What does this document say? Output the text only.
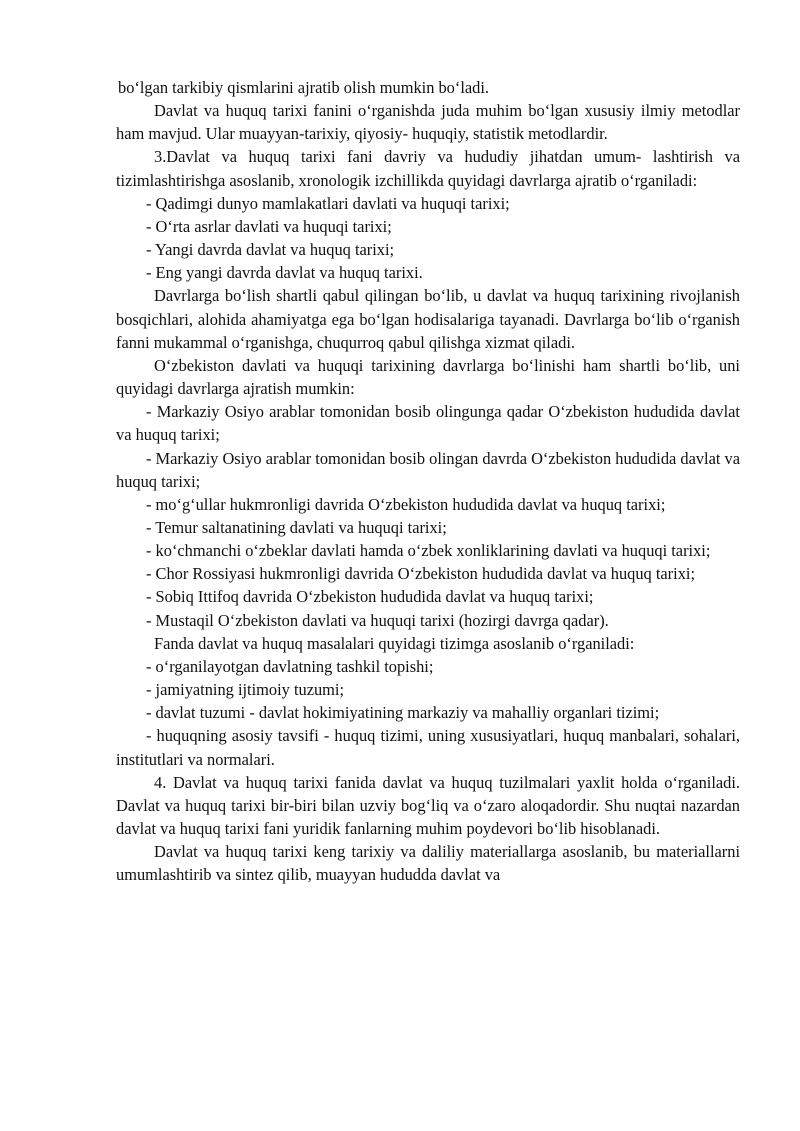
bo‘lgan tarkibiy qismlarini ajratib olish mumkin bo‘ladi.

Davlat va huquq tarixi fanini o‘rganishda juda muhim bo‘lgan xususiy ilmiy metodlar ham mavjud. Ular muayyan-tarixiy, qiyosiy- huquqiy, statistik metodlardir.

3.Davlat va huquq tarixi fani davriy va hududiy jihatdan umum- lashtirish va tizimlashtirishga asoslanib, xronologik izchillikda quyidagi davrlarga ajratib o‘rganiladi:

- Qadimgi dunyo mamlakatlari davlati va huquqi tarixi;

- O‘rta asrlar davlati va huquqi tarixi;

- Yangi davrda davlat va huquq tarixi;

- Eng yangi davrda davlat va huquq tarixi.

Davrlarga bo‘lish shartli qabul qilingan bo‘lib, u davlat va huquq tarixining rivojlanish bosqichlari, alohida ahamiyatga ega bo‘lgan hodisalariga tayanadi. Davrlarga bo‘lib o‘rganish fanni mukammal o‘rganishga, chuqurroq qabul qilishga xizmat qiladi.

O‘zbekiston davlati va huquqi tarixining davrlarga bo‘linishi ham shartli bo‘lib, uni quyidagi davrlarga ajratish mumkin:

- Markaziy Osiyo arablar tomonidan bosib olingunga qadar O‘zbekiston hududida davlat va huquq tarixi;

- Markaziy Osiyo arablar tomonidan bosib olingan davrda O‘zbekiston hududida davlat va huquq tarixi;

- mo‘g‘ullar hukmronligi davrida O‘zbekiston hududida davlat va huquq tarixi;

- Temur saltanatining davlati va huquqi tarixi;

- ko‘chmanchi o‘zbeklar davlati hamda o‘zbek xonliklarining davlati va huquqi tarixi;

- Chor Rossiyasi hukmronligi davrida O‘zbekiston hududida davlat va huquq tarixi;

- Sobiq Ittifoq davrida O‘zbekiston hududida davlat va huquq tarixi;

- Mustaqil O‘zbekiston davlati va huquqi tarixi (hozirgi davrga qadar).

Fanda davlat va huquq masalalari quyidagi tizimga asoslanib o‘rganiladi:

- o‘rganilayotgan davlatning tashkil topishi;

- jamiyatning ijtimoiy tuzumi;

- davlat tuzumi - davlat hokimiyatining markaziy va mahalliy organlari tizimi;

- huquqning asosiy tavsifi - huquq tizimi, uning xususiyatlari, huquq manbalari, sohalari, institutlari va normalari.

4. Davlat va huquq tarixi fanida davlat va huquq tuzilmalari yaxlit holda o‘rganiladi. Davlat va huquq tarixi bir-biri bilan uzviy bog‘liq va o‘zaro aloqadordir. Shu nuqtai nazardan davlat va huquq tarixi fani yuridik fanlarning muhim poydevori bo‘lib hisoblanadi.

Davlat va huquq tarixi keng tarixiy va daliliy materiallarga asoslanib, bu materiallarni umumlashtirib va sintez qilib, muayyan hududda davlat va
